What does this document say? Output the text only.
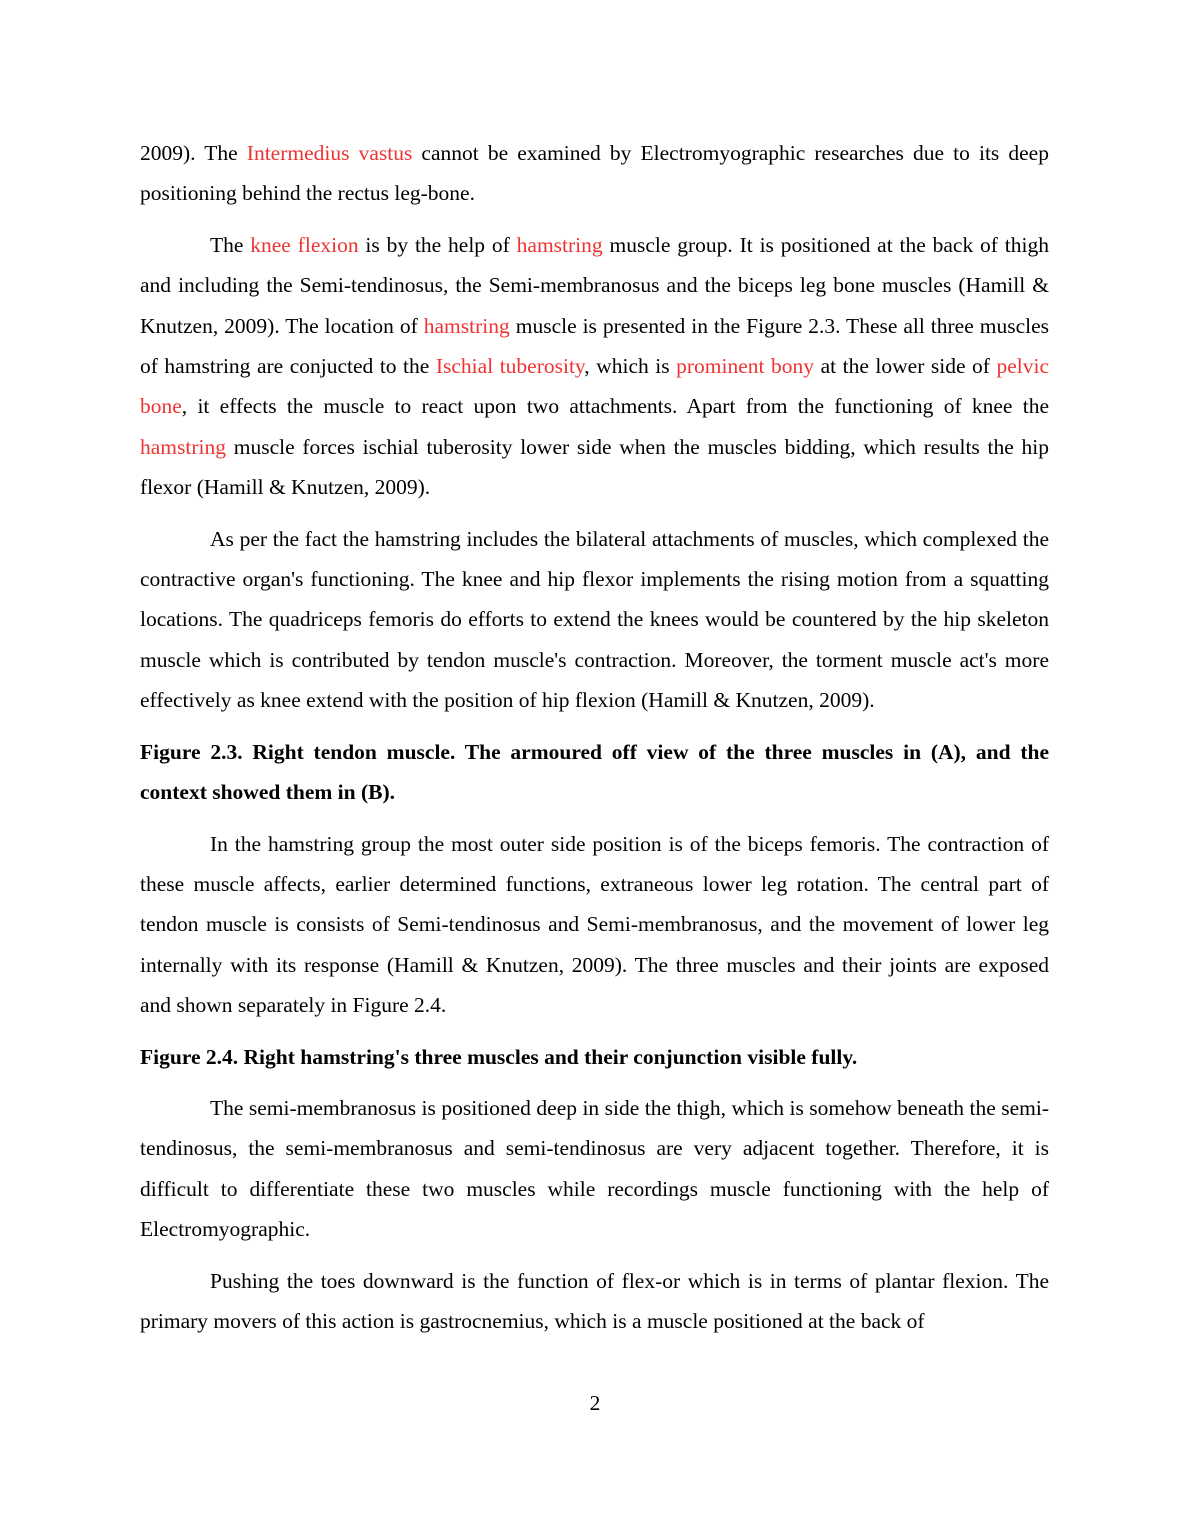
2009). The Intermedius vastus cannot be examined by Electromyographic researches due to its deep positioning behind the rectus leg-bone.

The knee flexion is by the help of hamstring muscle group. It is positioned at the back of thigh and including the Semi-tendinosus, the Semi-membranosus and the biceps leg bone muscles (Hamill & Knutzen, 2009). The location of hamstring muscle is presented in the Figure 2.3. These all three muscles of hamstring are conjucted to the Ischial tuberosity, which is prominent bony at the lower side of pelvic bone, it effects the muscle to react upon two attachments. Apart from the functioning of knee the hamstring muscle forces ischial tuberosity lower side when the muscles bidding, which results the hip flexor (Hamill & Knutzen, 2009).

As per the fact the hamstring includes the bilateral attachments of muscles, which complexed the contractive organ's functioning. The knee and hip flexor implements the rising motion from a squatting locations. The quadriceps femoris do efforts to extend the knees would be countered by the hip skeleton muscle which is contributed by tendon muscle's contraction. Moreover, the torment muscle act's more effectively as knee extend with the position of hip flexion (Hamill & Knutzen, 2009).

Figure 2.3. Right tendon muscle. The armoured off view of the three muscles in (A), and the context showed them in (B).

In the hamstring group the most outer side position is of the biceps femoris. The contraction of these muscle affects, earlier determined functions, extraneous lower leg rotation. The central part of tendon muscle is consists of Semi-tendinosus and Semi-membranosus, and the movement of lower leg internally with its response (Hamill & Knutzen, 2009). The three muscles and their joints are exposed and shown separately in Figure 2.4.

Figure 2.4. Right hamstring's three muscles and their conjunction visible fully.

The semi-membranosus is positioned deep in side the thigh, which is somehow beneath the semi-tendinosus, the semi-membranosus and semi-tendinosus are very adjacent together. Therefore, it is difficult to differentiate these two muscles while recordings muscle functioning with the help of Electromyographic.

Pushing the toes downward is the function of flex-or which is in terms of plantar flexion. The primary movers of this action is gastrocnemius, which is a muscle positioned at the back of

2
